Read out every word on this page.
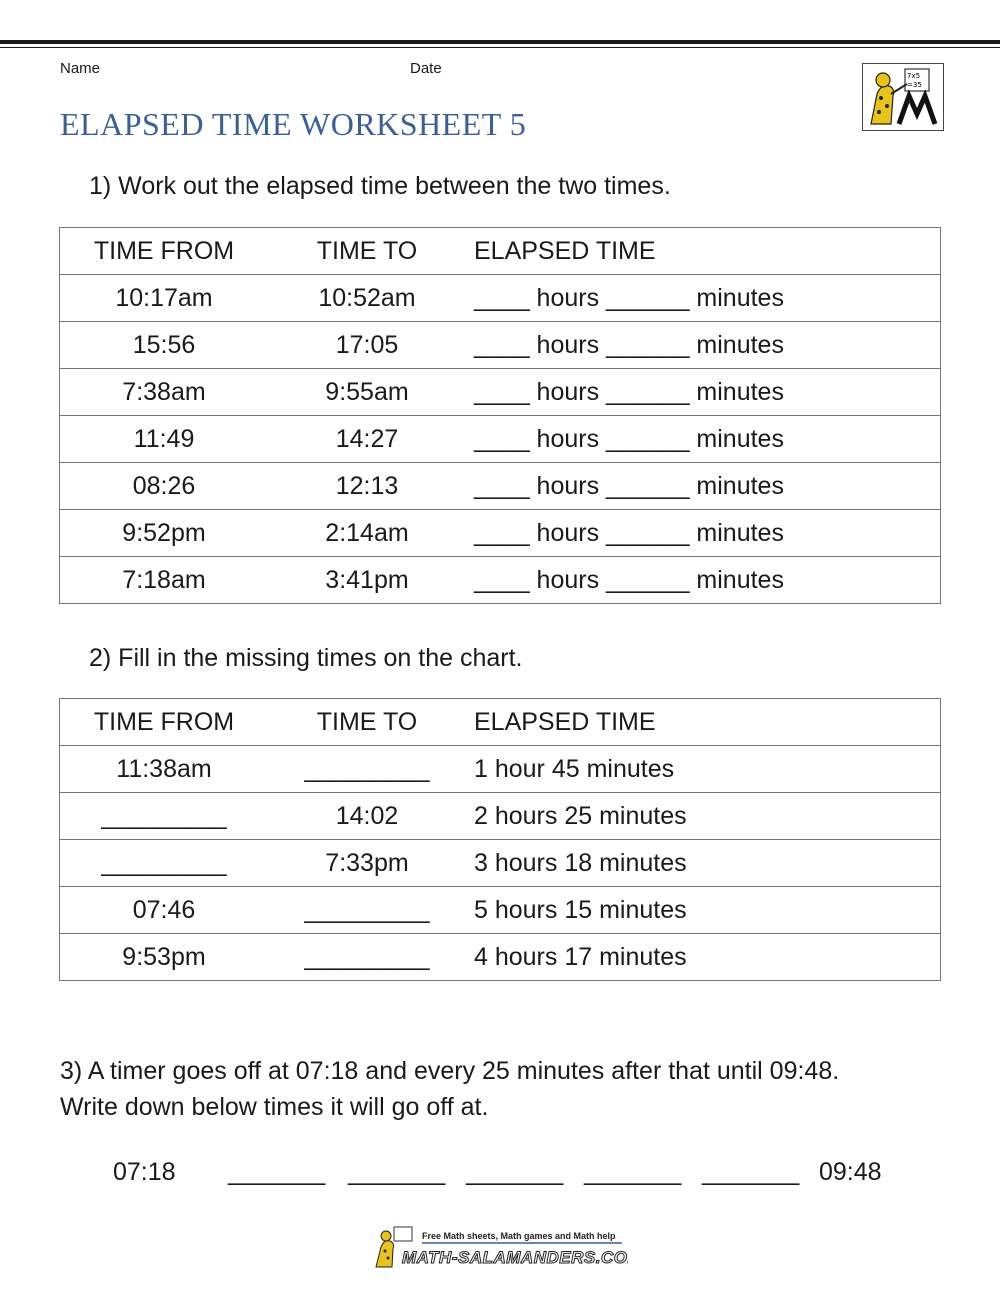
Name	Date
ELAPSED TIME WORKSHEET 5
7x5
=35

1) Work out the elapsed time between the two times.

TIME FROM	TIME TO	ELAPSED TIME
10:17am	10:52am	____ hours ______ minutes
15:56	17:05	____ hours ______ minutes
7:38am	9:55am	____ hours ______ minutes
11:49	14:27	____ hours ______ minutes
08:26	12:13	____ hours ______ minutes
9:52pm	2:14am	____ hours ______ minutes
7:18am	3:41pm	____ hours ______ minutes

2) Fill in the missing times on the chart.

TIME FROM	TIME TO	ELAPSED TIME
11:38am	_________	1 hour 45 minutes
_________	14:02	2 hours 25 minutes
_________	7:33pm	3 hours 18 minutes
07:46	_________	5 hours 15 minutes
9:53pm	_________	4 hours 17 minutes

3) A timer goes off at 07:18 and every 25 minutes after that until 09:48.
Write down below times it will go off at.

07:18 _______ _______ _______ _______ _______ 09:48
Free Math sheets, Math games and Math help
MATH-SALAMANDERS.COM
